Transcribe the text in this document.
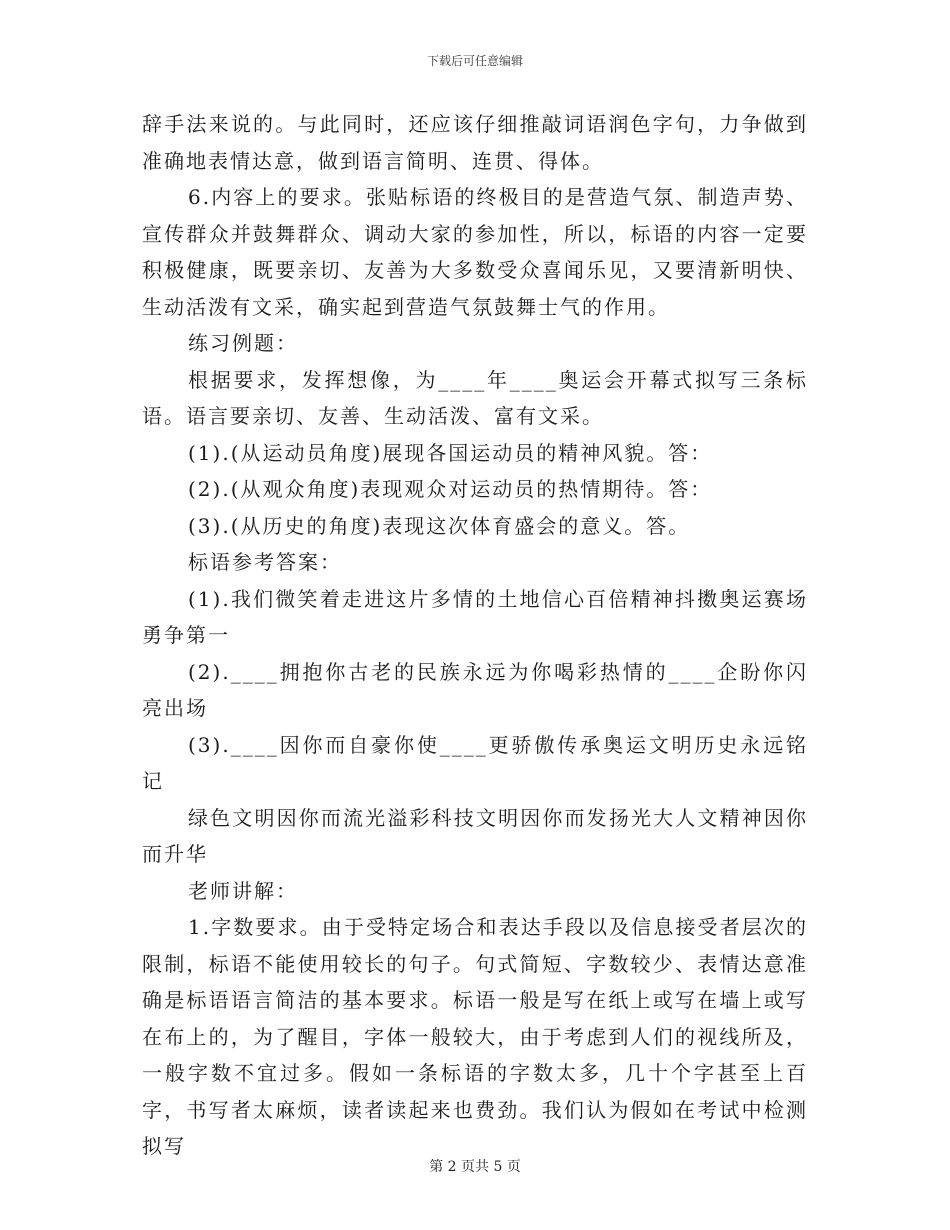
下载后可任意编辑

辞手法来说的。与此同时，还应该仔细推敲词语润色字句，力争做到准确地表情达意，做到语言简明、连贯、得体。

6.内容上的要求。张贴标语的终极目的是营造气氛、制造声势、宣传群众并鼓舞群众、调动大家的参加性，所以，标语的内容一定要积极健康，既要亲切、友善为大多数受众喜闻乐见，又要清新明快、生动活泼有文采，确实起到营造气氛鼓舞士气的作用。

练习例题：

根据要求，发挥想像，为____年____奥运会开幕式拟写三条标语。语言要亲切、友善、生动活泼、富有文采。

(1).(从运动员角度)展现各国运动员的精神风貌。答：

(2).(从观众角度)表现观众对运动员的热情期待。答：

(3).(从历史的角度)表现这次体育盛会的意义。答。

标语参考答案：

(1).我们微笑着走进这片多情的土地信心百倍精神抖擞奥运赛场勇争第一

(2).____拥抱你古老的民族永远为你喝彩热情的____企盼你闪亮出场

(3).____因你而自豪你使____更骄傲传承奥运文明历史永远铭记

绿色文明因你而流光溢彩科技文明因你而发扬光大人文精神因你而升华

老师讲解：

1.字数要求。由于受特定场合和表达手段以及信息接受者层次的限制，标语不能使用较长的句子。句式简短、字数较少、表情达意准确是标语语言简洁的基本要求。标语一般是写在纸上或写在墙上或写在布上的，为了醒目，字体一般较大，由于考虑到人们的视线所及，一般字数不宜过多。假如一条标语的字数太多，几十个字甚至上百字，书写者太麻烦，读者读起来也费劲。我们认为假如在考试中检测拟写

第 2 页共 5 页
